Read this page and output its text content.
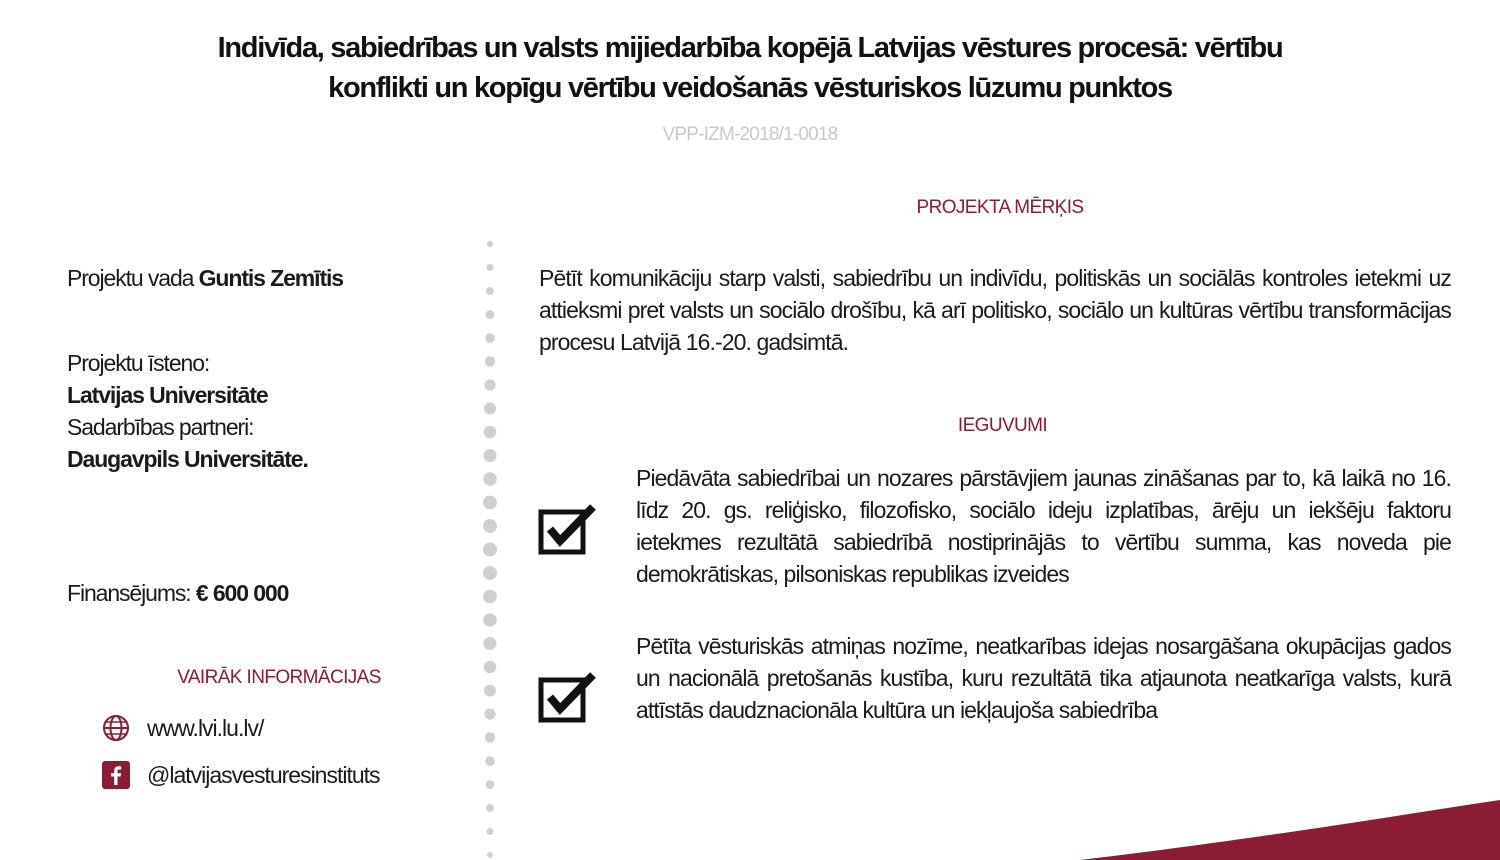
Indivīda, sabiedrības un valsts mijiedarbība kopējā Latvijas vēstures procesā: vērtību
konflikti un kopīgu vērtību veidošanās vēsturiskos lūzumu punktos
VPP-IZM-2018/1-0018
Projektu vada Guntis Zemītis
Projektu īsteno:
Latvijas Universitāte
Sadarbības partneri:
Daugavpils Universitāte.
Finansējums: € 600 000
VAIRĀK INFORMĀCIJAS
www.lvi.lu.lv/
@latvijasvesturesinstituts
PROJEKTA MĒRĶIS
Pētīt komunikāciju starp valsti, sabiedrību un indivīdu, politiskās un sociālās kontroles ietekmi uz attieksmi pret valsts un sociālo drošību, kā arī politisko, sociālo un kultūras vērtību transformācijas procesu Latvijā 16.-20. gadsimtā.
IEGUVUMI
Piedāvāta sabiedrībai un nozares pārstāvjiem jaunas zināšanas par to, kā laikā no 16. līdz 20. gs. reliģisko, filozofisko, sociālo ideju izplatības, ārēju un iekšēju faktoru ietekmes rezultātā sabiedrībā nostiprinājās to vērtību summa, kas noveda pie demokrātiskas, pilsoniskas republikas izveides
Pētīta vēsturiskās atmiņas nozīme, neatkarības idejas nosargāšana okupācijas gados un nacionālā pretošanās kustība, kuru rezultātā tika atjaunota neatkarīga valsts, kurā attīstās daudznacionāla kultūra un iekļaujoša sabiedrība
